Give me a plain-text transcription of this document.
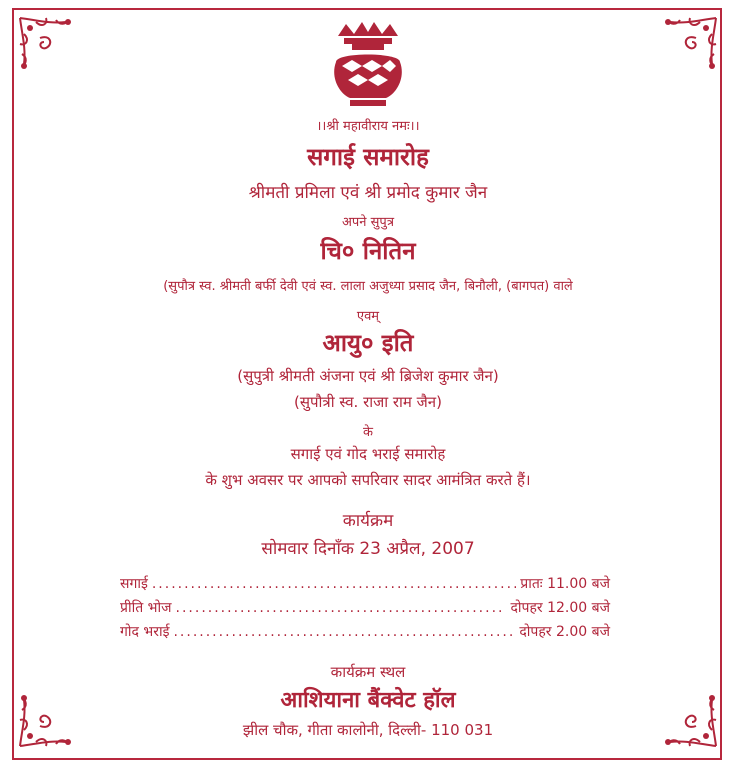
।।श्री महावीराय नमः।।
सगाई समारोह
श्रीमती प्रमिला एवं श्री प्रमोद कुमार जैन
अपने सुपुत्र
चि० नितिन
(सुपौत्र स्व. श्रीमती बर्फी देवी एवं स्व. लाला अजुध्या प्रसाद जैन, बिनौली, (बागपत) वाले
एवम्
आयु० इति
(सुपुत्री श्रीमती अंजना एवं श्री ब्रिजेश कुमार जैन)
(सुपौत्री स्व. राजा राम जैन)
के
सगाई एवं गोद भराई समारोह
के शुभ अवसर पर आपको सपरिवार सादर आमंत्रित करते हैं।
कार्यक्रम
सोमवार दिनाँक 23 अप्रैल, 2007
सगाई .....	प्रातः 11.00 बजे
प्रीति भोज .....	दोपहर 12.00 बजे
गोद भराई .....	दोपहर 2.00 बजे
कार्यक्रम स्थल
आशियाना बैंक्वेट हॉल
झील चौक, गीता कालोनी, दिल्ली- 110 031
